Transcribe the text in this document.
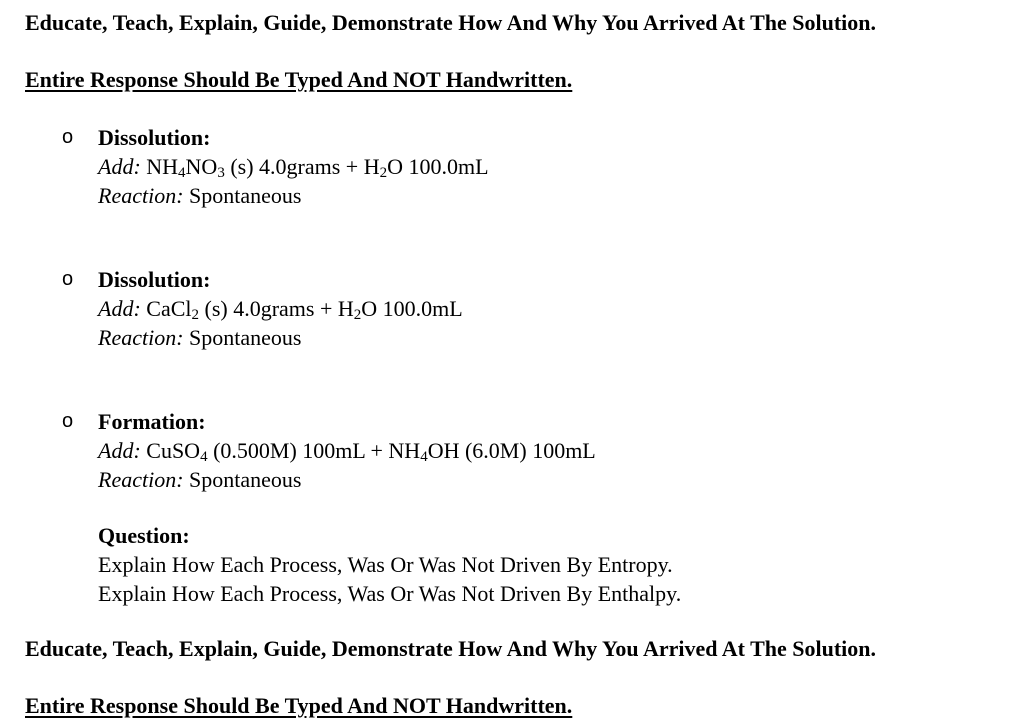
Educate, Teach, Explain, Guide, Demonstrate How And Why You Arrived At The Solution.
Entire Response Should Be Typed And NOT Handwritten.
o Dissolution:
Add: $NH_4NO_3$ (s) 4.0grams + $H_2O$ 100.0mL
Reaction: Spontaneous
o Dissolution:
Add: CaCl$_2$ (s) 4.0grams + $H_2O$ 100.0mL
Reaction: Spontaneous
o Formation:
Add: CuSO$_4$ (0.500M) $100mL + NH_4OH$ (6.0M) 100mL
Reaction: Spontaneous
Question:
Explain How Each Process, Was Or Was Not Driven By Entropy.
Explain How Each Process, Was Or Was Not Driven By Enthalpy.
Educate, Teach, Explain, Guide, Demonstrate How And Why You Arrived At The Solution.
Entire Response Should Be Typed And NOT Handwritten.
